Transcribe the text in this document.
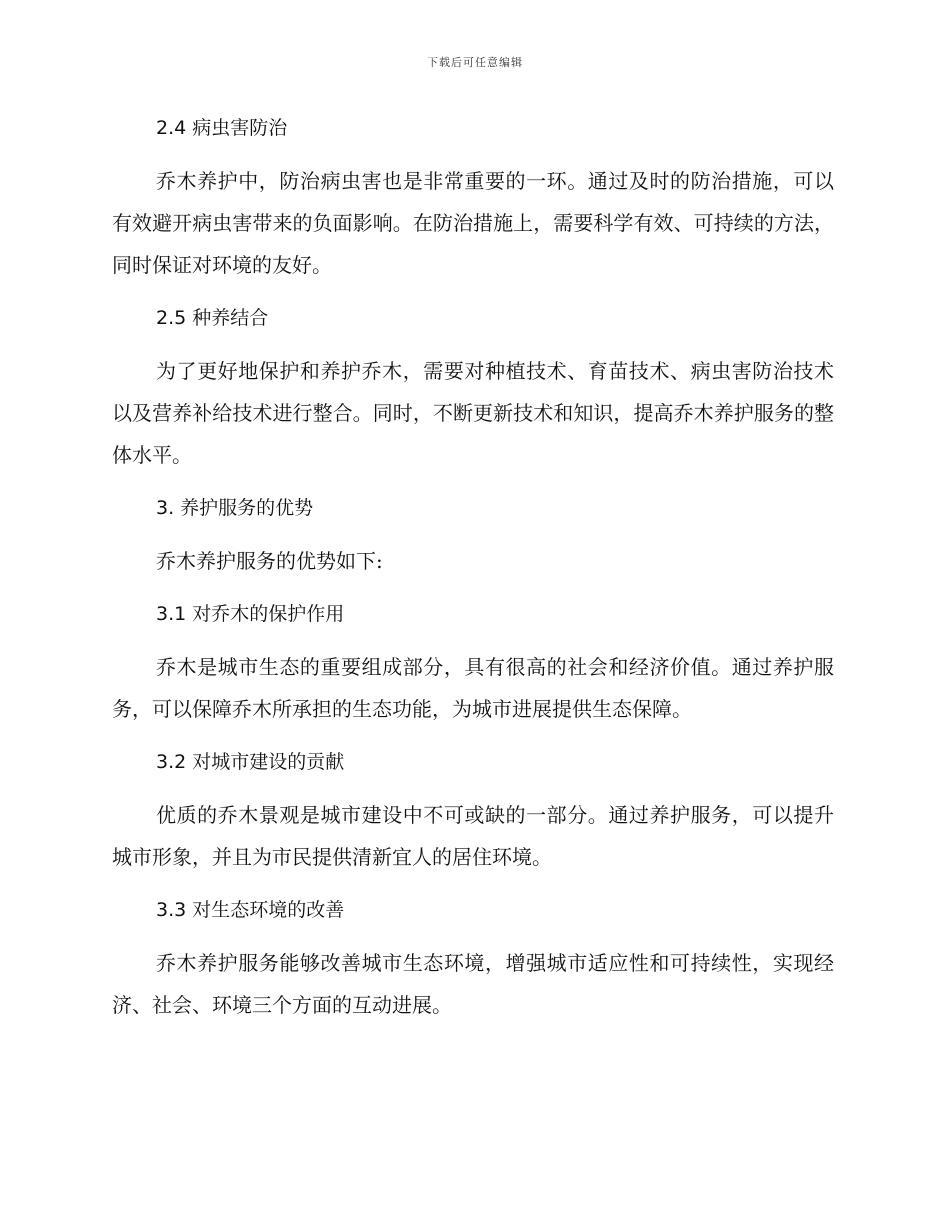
下载后可任意编辑
2.4 病虫害防治

乔木养护中，防治病虫害也是非常重要的一环。通过及时的防治措施，可以有效避开病虫害带来的负面影响。在防治措施上，需要科学有效、可持续的方法，同时保证对环境的友好。

2.5 种养结合

为了更好地保护和养护乔木，需要对种植技术、育苗技术、病虫害防治技术以及营养补给技术进行整合。同时，不断更新技术和知识，提高乔木养护服务的整体水平。

3. 养护服务的优势

乔木养护服务的优势如下:

3.1 对乔木的保护作用

乔木是城市生态的重要组成部分，具有很高的社会和经济价值。通过养护服务，可以保障乔木所承担的生态功能，为城市进展提供生态保障。

3.2 对城市建设的贡献

优质的乔木景观是城市建设中不可或缺的一部分。通过养护服务，可以提升城市形象，并且为市民提供清新宜人的居住环境。

3.3 对生态环境的改善

乔木养护服务能够改善城市生态环境，增强城市适应性和可持续性，实现经济、社会、环境三个方面的互动进展。
